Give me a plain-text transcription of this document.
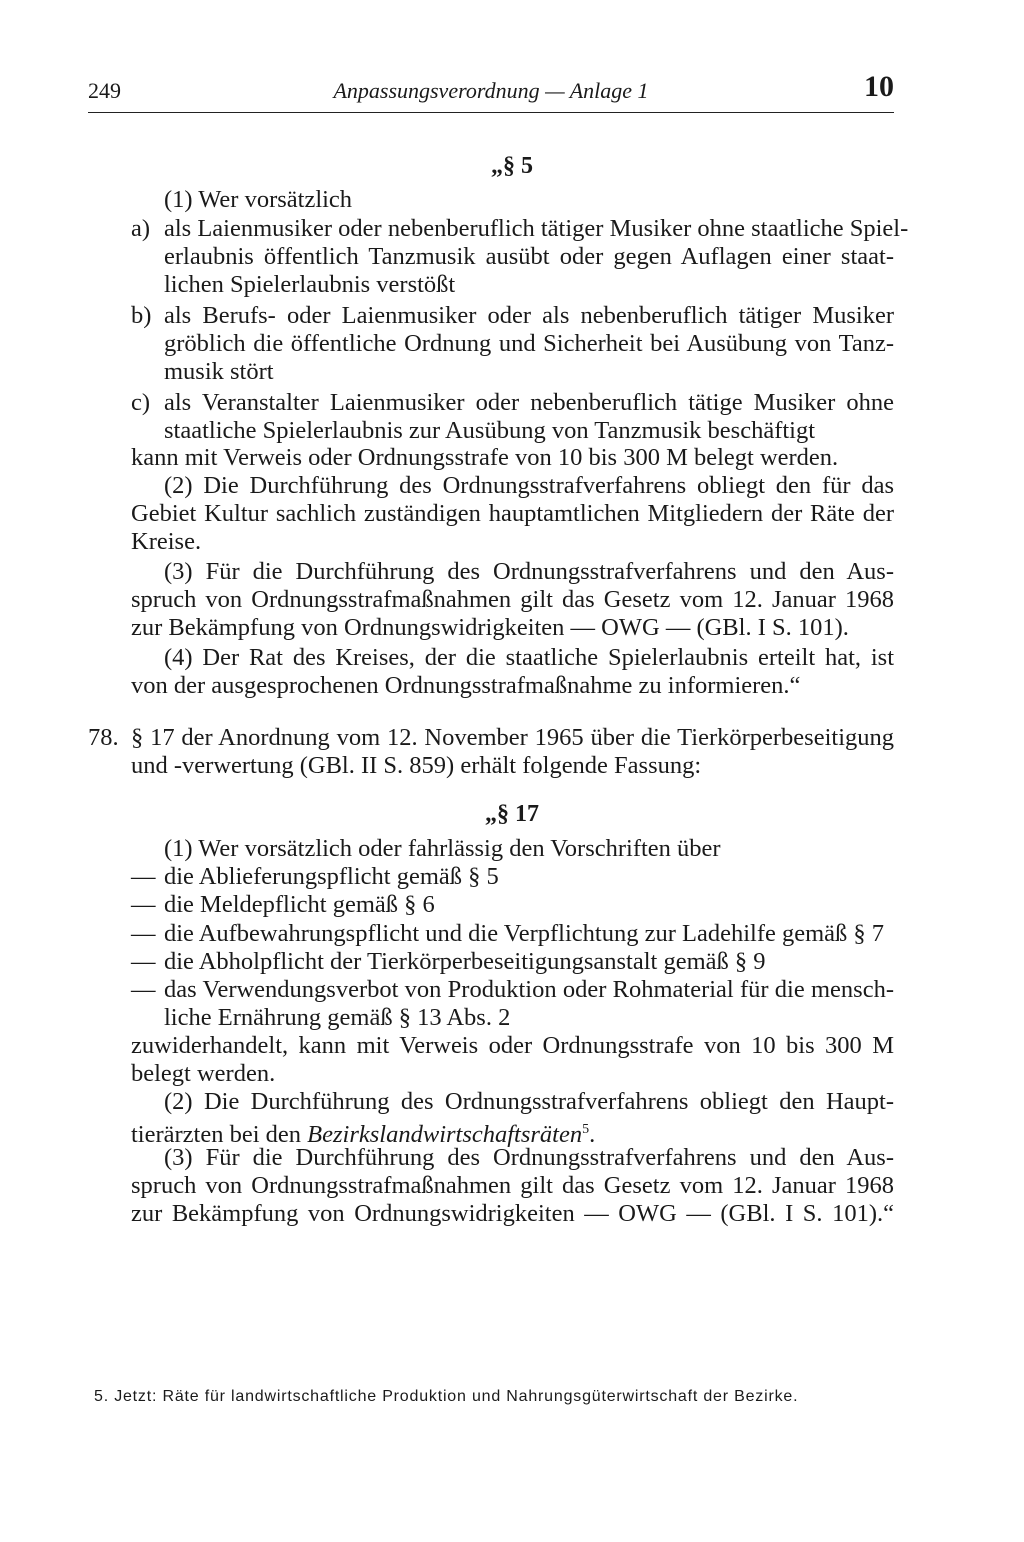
249	Anpassungsverordnung — Anlage 1	10
„§ 5
(1) Wer vorsätzlich
a) als Laienmusiker oder nebenberuflich tätiger Musiker ohne staatliche Spiel-
erlaubnis öffentlich Tanzmusik ausübt oder gegen Auflagen einer staat-
lichen Spielerlaubnis verstößt
b) als Berufs- oder Laienmusiker oder als nebenberuflich tätiger Musiker
gröblich die öffentliche Ordnung und Sicherheit bei Ausübung von Tanz-
musik stört
c) als Veranstalter Laienmusiker oder nebenberuflich tätige Musiker ohne
staatliche Spielerlaubnis zur Ausübung von Tanzmusik beschäftigt
kann mit Verweis oder Ordnungsstrafe von 10 bis 300 M belegt werden.
(2) Die Durchführung des Ordnungsstrafverfahrens obliegt den für das
Gebiet Kultur sachlich zuständigen hauptamtlichen Mitgliedern der Räte der
Kreise.
(3) Für die Durchführung des Ordnungsstrafverfahrens und den Aus-
spruch von Ordnungsstrafmaßnahmen gilt das Gesetz vom 12. Januar 1968
zur Bekämpfung von Ordnungswidrigkeiten — OWG — (GBl. I S. 101).
(4) Der Rat des Kreises, der die staatliche Spielerlaubnis erteilt hat, ist
von der ausgesprochenen Ordnungsstrafmaßnahme zu informieren.“
78. § 17 der Anordnung vom 12. November 1965 über die Tierkörperbeseitigung
und -verwertung (GBl. II S. 859) erhält folgende Fassung:
„§ 17
(1) Wer vorsätzlich oder fahrlässig den Vorschriften über
— die Ablieferungspflicht gemäß § 5
— die Meldepflicht gemäß § 6
— die Aufbewahrungspflicht und die Verpflichtung zur Ladehilfe gemäß § 7
— die Abholpflicht der Tierkörperbeseitigungsanstalt gemäß § 9
— das Verwendungsverbot von Produktion oder Rohmaterial für die mensch-
liche Ernährung gemäß § 13 Abs. 2
zuwiderhandelt, kann mit Verweis oder Ordnungsstrafe von 10 bis 300 M
belegt werden.
(2) Die Durchführung des Ordnungsstrafverfahrens obliegt den Haupt-
tierärzten bei den Bezirkslandwirtschaftsräten$^5$.
(3) Für die Durchführung des Ordnungsstrafverfahrens und den Aus-
spruch von Ordnungsstrafmaßnahmen gilt das Gesetz vom 12. Januar 1968
zur Bekämpfung von Ordnungswidrigkeiten — OWG — (GBl. I S. 101).“
5. Jetzt: Räte für landwirtschaftliche Produktion und Nahrungsgüterwirtschaft der Bezirke.
